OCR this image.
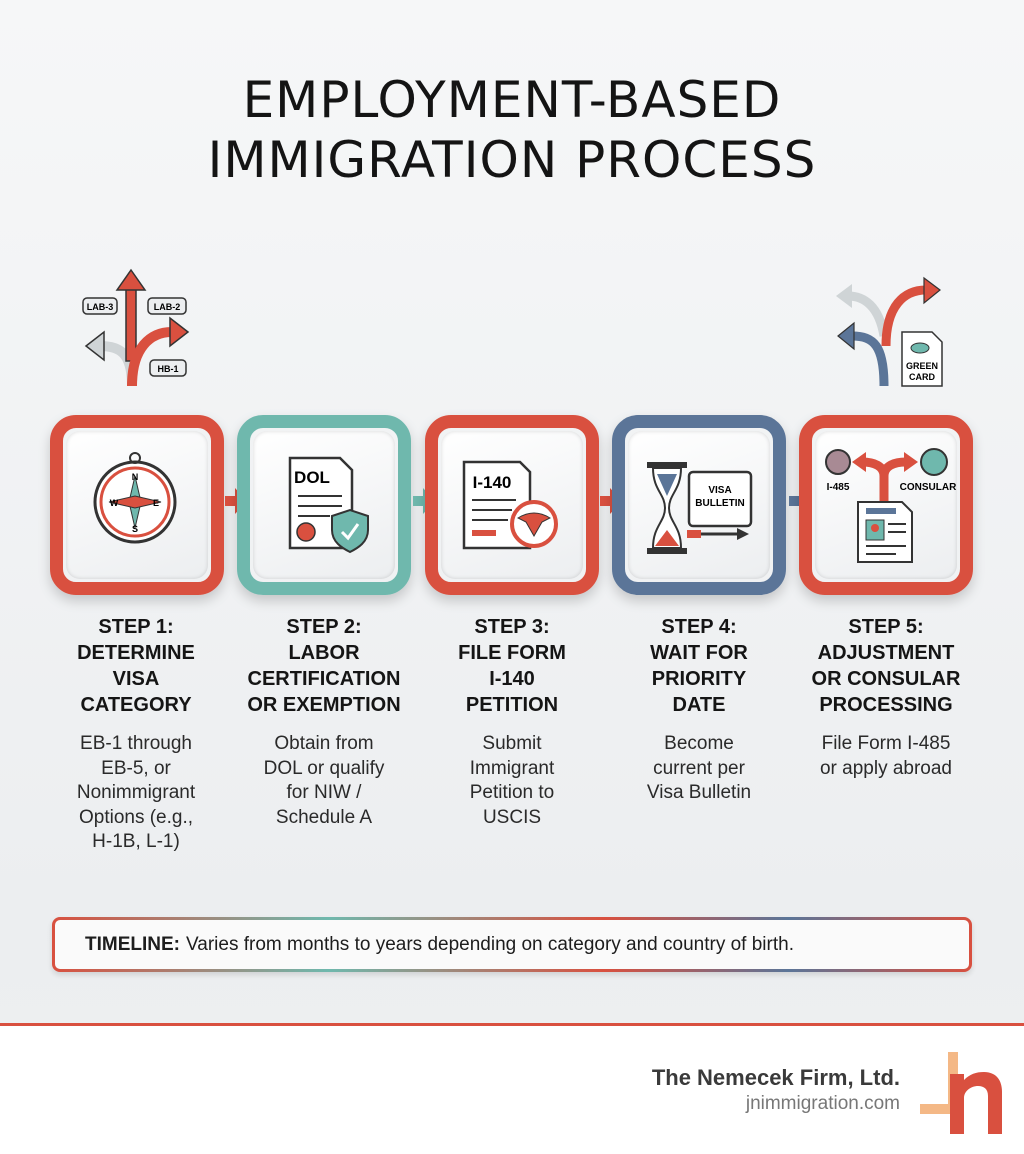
EMPLOYMENT-BASED
IMMIGRATION PROCESS
LAB-3	LAB-2
HB-1	GREEN
CARD
N
E
S
W
DOL	I-140	VISA
BULLETIN
I-485	CONSULAR
STEP 1:
DETERMINE
VISA
CATEGORY

EB-1 through
EB-5, or
Nonimmigrant
Options (e.g.,
H-1B, L-1)

STEP 2:
LABOR
CERTIFICATION
OR EXEMPTION

Obtain from
DOL or qualify
for NIW /
Schedule A

STEP 3:
FILE FORM
I-140
PETITION

Submit
Immigrant
Petition to
USCIS

STEP 4:
WAIT FOR
PRIORITY
DATE

Become
current per
Visa Bulletin

STEP 5:
ADJUSTMENT
OR CONSULAR
PROCESSING

File Form I-485
or apply abroad

TIMELINE: Varies from months to years depending on category and country of birth.
The Nemecek Firm, Ltd.
jnimmigration.com
